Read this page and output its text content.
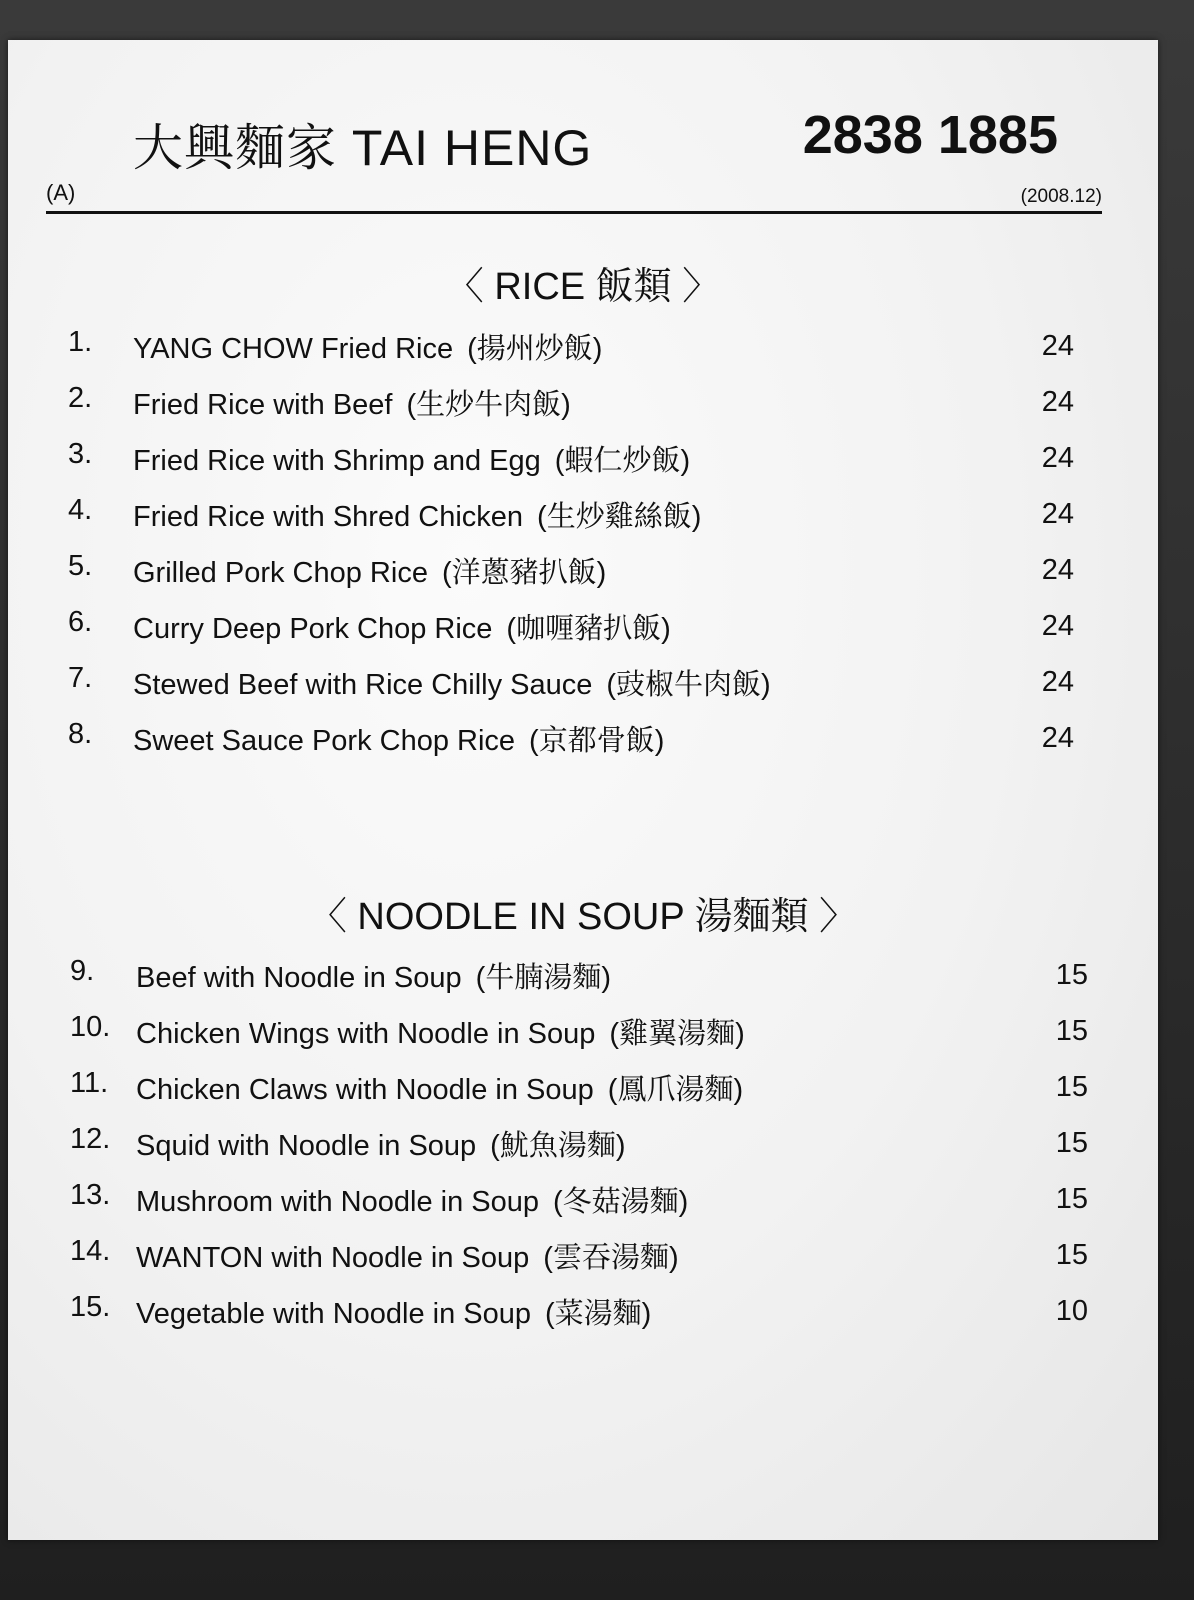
大興麵家 TAI HENG	2838 1885
(A)	(2008.12)
〈 RICE 飯類 〉
1. YANG CHOW Fried Rice (揚州炒飯)	24
2. Fried Rice with Beef (生炒牛肉飯)	24
3. Fried Rice with Shrimp and Egg (蝦仁炒飯)	24
4. Fried Rice with Shred Chicken (生炒雞絲飯)	24
5. Grilled Pork Chop Rice (洋蔥豬扒飯)	24
6. Curry Deep Pork Chop Rice (咖喱豬扒飯)	24
7. Stewed Beef with Rice Chilly Sauce (豉椒牛肉飯)	24
8. Sweet Sauce Pork Chop Rice (京都骨飯)	24
〈 NOODLE IN SOUP 湯麵類 〉
9. Beef with Noodle in Soup (牛腩湯麵)	15
10. Chicken Wings with Noodle in Soup (雞翼湯麵)	15
11. Chicken Claws with Noodle in Soup (鳳爪湯麵)	15
12. Squid with Noodle in Soup (魷魚湯麵)	15
13. Mushroom with Noodle in Soup (冬菇湯麵)	15
14. WANTON with Noodle in Soup (雲吞湯麵)	15
15. Vegetable with Noodle in Soup (菜湯麵)	10
